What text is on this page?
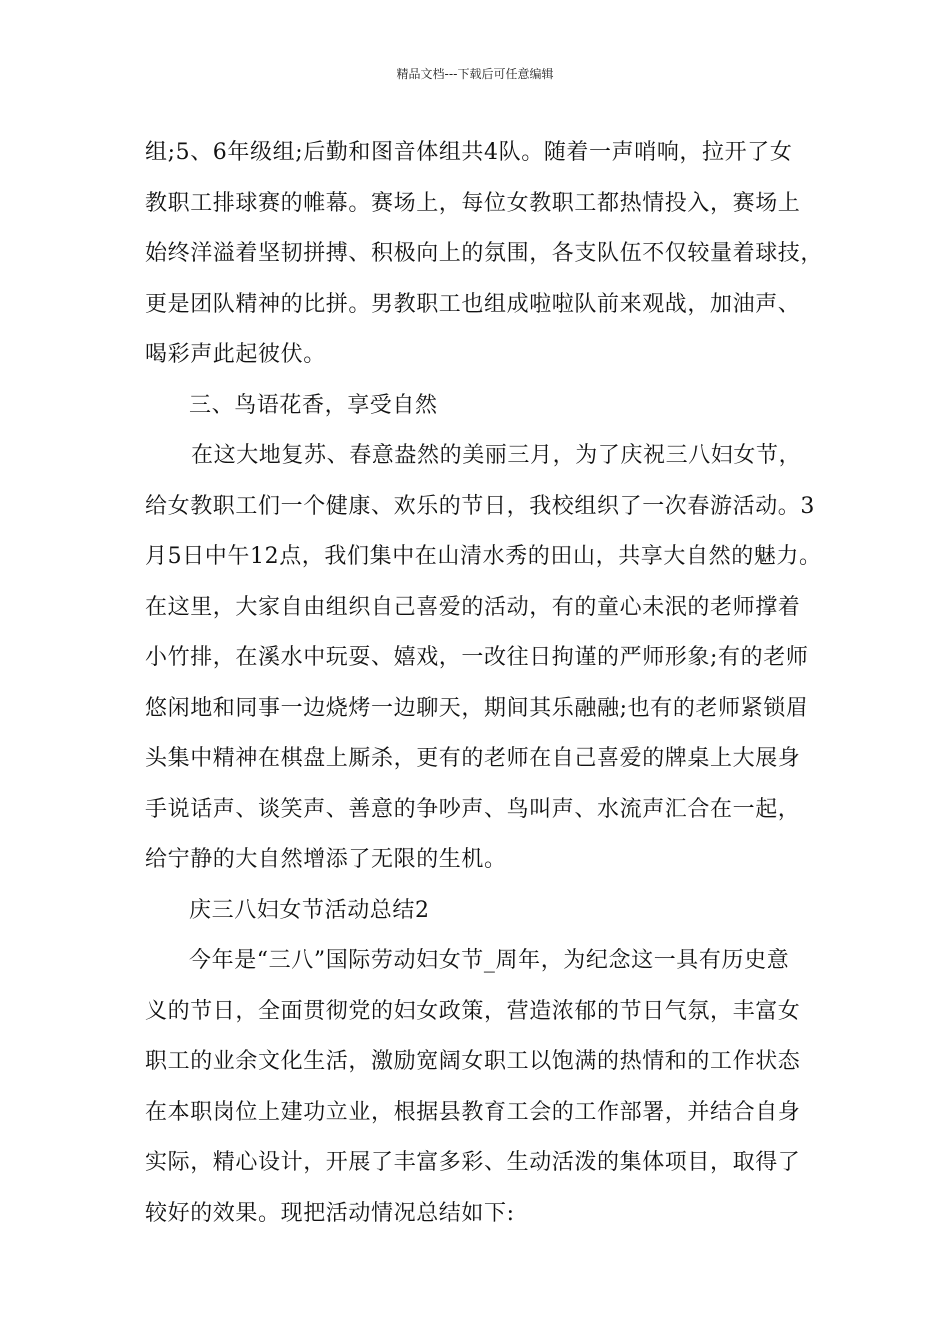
精品文档---下载后可任意编辑
组;5、6年级组;后勤和图音体组共4队。随着一声哨响，拉开了女
教职工排球赛的帷幕。赛场上，每位女教职工都热情投入，赛场上
始终洋溢着坚韧拼搏、积极向上的氛围，各支队伍不仅较量着球技，
更是团队精神的比拼。男教职工也组成啦啦队前来观战，加油声、
喝彩声此起彼伏。
三、鸟语花香，享受自然
在这大地复苏、春意盎然的美丽三月，为了庆祝三八妇女节，
给女教职工们一个健康、欢乐的节日，我校组织了一次春游活动。3
月5日中午12点，我们集中在山清水秀的田山，共享大自然的魅力。
在这里，大家自由组织自己喜爱的活动，有的童心未泯的老师撑着
小竹排，在溪水中玩耍、嬉戏，一改往日拘谨的严师形象;有的老师
悠闲地和同事一边烧烤一边聊天，期间其乐融融;也有的老师紧锁眉
头集中精神在棋盘上厮杀，更有的老师在自己喜爱的牌桌上大展身
手说话声、谈笑声、善意的争吵声、鸟叫声、水流声汇合在一起，
给宁静的大自然增添了无限的生机。
庆三八妇女节活动总结2
今年是“三八”国际劳动妇女节_周年，为纪念这一具有历史意
义的节日，全面贯彻党的妇女政策，营造浓郁的节日气氛，丰富女
职工的业余文化生活，激励宽阔女职工以饱满的热情和的工作状态
在本职岗位上建功立业，根据县教育工会的工作部署，并结合自身
实际，精心设计，开展了丰富多彩、生动活泼的集体项目，取得了
较好的效果。现把活动情况总结如下:
